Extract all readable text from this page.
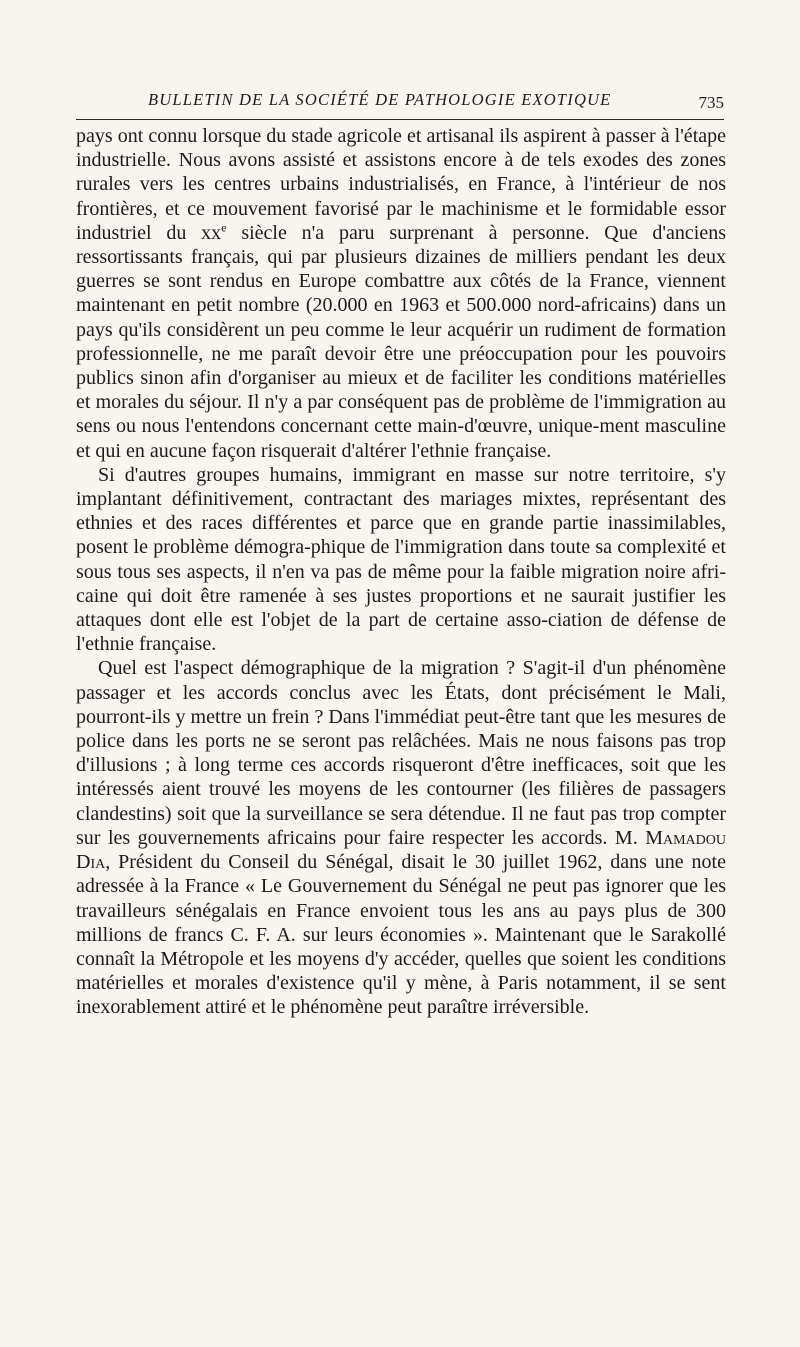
BULLETIN DE LA SOCIÉTÉ DE PATHOLOGIE EXOTIQUE	735

pays ont connu lorsque du stade agricole et artisanal ils aspirent à passer à l'étape industrielle. Nous avons assisté et assistons encore à de tels exodes des zones rurales vers les centres urbains industrialisés, en France, à l'intérieur de nos frontières, et ce mouvement favorisé par le machinisme et le formidable essor industriel du $xx^e$ siècle n'a paru surprenant à personne. Que d'anciens ressortissants français, qui par plusieurs dizaines de milliers pendant les deux guerres se sont rendus en Europe combattre aux côtés de la France, viennent maintenant en petit nombre (20.000 en 1963 et 500.000 nord-africains) dans un pays qu'ils considèrent un peu comme le leur acquérir un rudiment de formation professionnelle, ne me paraît devoir être une préoccupation pour les pouvoirs publics sinon afin d'organiser au mieux et de faciliter les conditions matérielles et morales du séjour. Il n'y a par conséquent pas de problème de l'immigration au sens ou nous l'entendons concernant cette main-d'œuvre, unique-ment masculine et qui en aucune façon risquerait d'altérer l'ethnie française.

Si d'autres groupes humains, immigrant en masse sur notre territoire, s'y implantant définitivement, contractant des mariages mixtes, représentant des ethnies et des races différentes et parce que en grande partie inassimilables, posent le problème démogra-phique de l'immigration dans toute sa complexité et sous tous ses aspects, il n'en va pas de même pour la faible migration noire afri-caine qui doit être ramenée à ses justes proportions et ne saurait justifier les attaques dont elle est l'objet de la part de certaine asso-ciation de défense de l'ethnie française.

Quel est l'aspect démographique de la migration ? S'agit-il d'un phénomène passager et les accords conclus avec les États, dont précisément le Mali, pourront-ils y mettre un frein ? Dans l'immédiat peut-être tant que les mesures de police dans les ports ne se seront pas relâchées. Mais ne nous faisons pas trop d'illusions ; à long terme ces accords risqueront d'être inefficaces, soit que les intéressés aient trouvé les moyens de les contourner (les filières de passagers clandestins) soit que la surveillance se sera détendue. Il ne faut pas trop compter sur les gouvernements africains pour faire respecter les accords. M. Mamadou Dia, Président du Conseil du Sénégal, disait le 30 juillet 1962, dans une note adressée à la France « Le Gouvernement du Sénégal ne peut pas ignorer que les travailleurs sénégalais en France envoient tous les ans au pays plus de 300 millions de francs C. F. A. sur leurs économies ». Maintenant que le Sarakollé connaît la Métropole et les moyens d'y accéder, quelles que soient les conditions matérielles et morales d'existence qu'il y mène, à Paris notamment, il se sent inexorablement attiré et le phénomène peut paraître irréversible.
